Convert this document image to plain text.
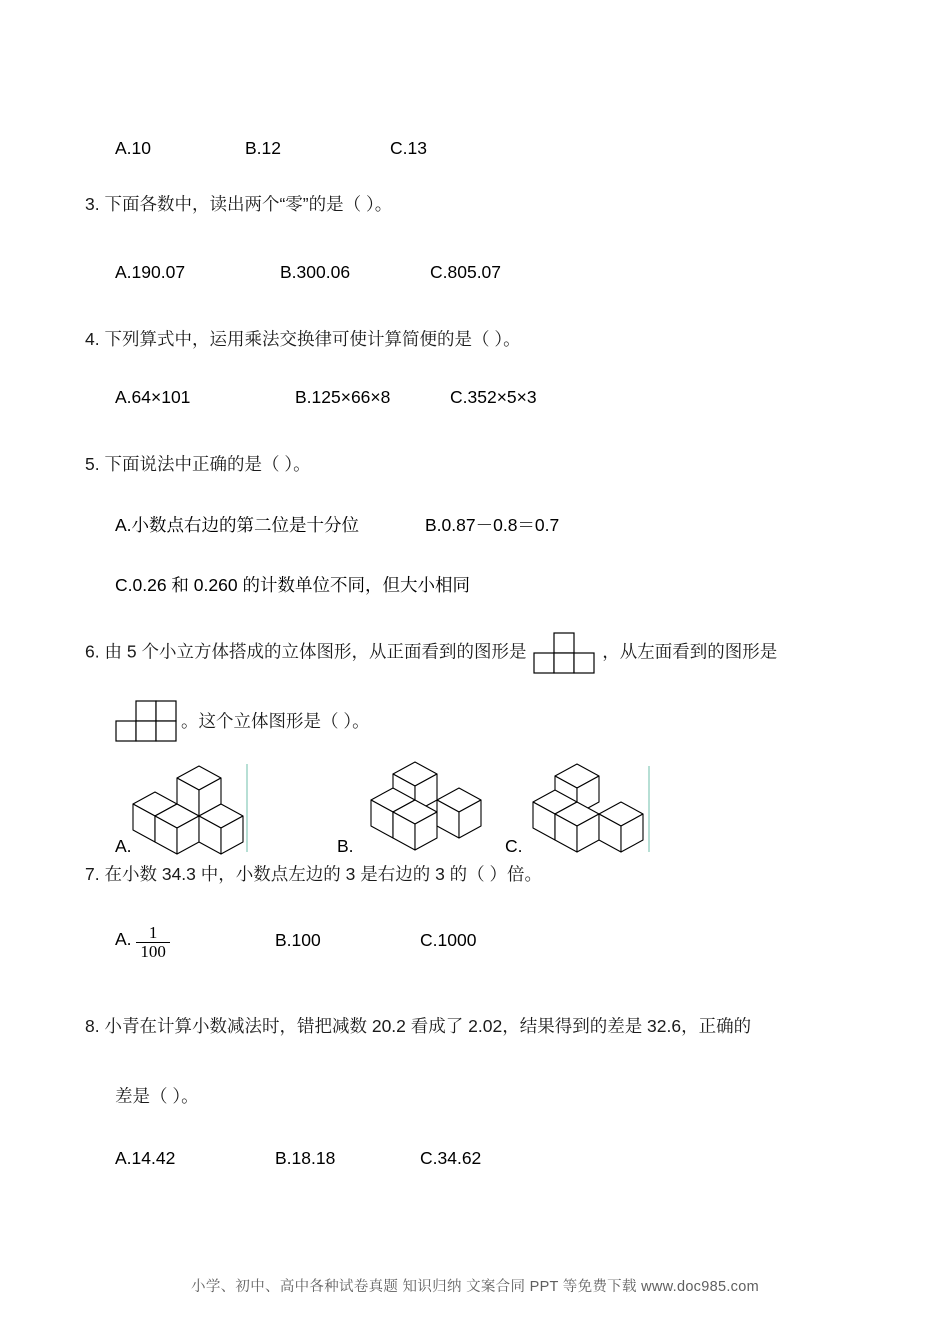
A.10	B.12	C.13
3. 下面各数中，读出两个“零”的是（ ）。
A.190.07	B.300.06	C.805.07
4. 下列算式中，运用乘法交换律可使计算简便的是（ ）。
A.64×101	B.125×66×8	C.352×5×3
5. 下面说法中正确的是（ ）。
A.小数点右边的第二位是十分位	B.0.87－0.8＝0.7
C.0.26 和 0.260 的计数单位不同，但大小相同
6. 由 5 个小立方体搭成的立体图形，从正面看到的图形是	，从左面看到的图形是
。这个立体图形是（ ）。
A.	B.	C.
7. 在小数 34.3 中，小数点左边的 3 是右边的 3 的（ ）倍。
A. $\frac{1}{100}$	B.100	C.1000
8. 小青在计算小数减法时，错把减数 20.2 看成了 2.02，结果得到的差是 32.6，正确的
差是（ ）。
A.14.42	B.18.18	C.34.62
小学、初中、高中各种试卷真题 知识归纳 文案合同 PPT 等免费下载 www.doc985.com
